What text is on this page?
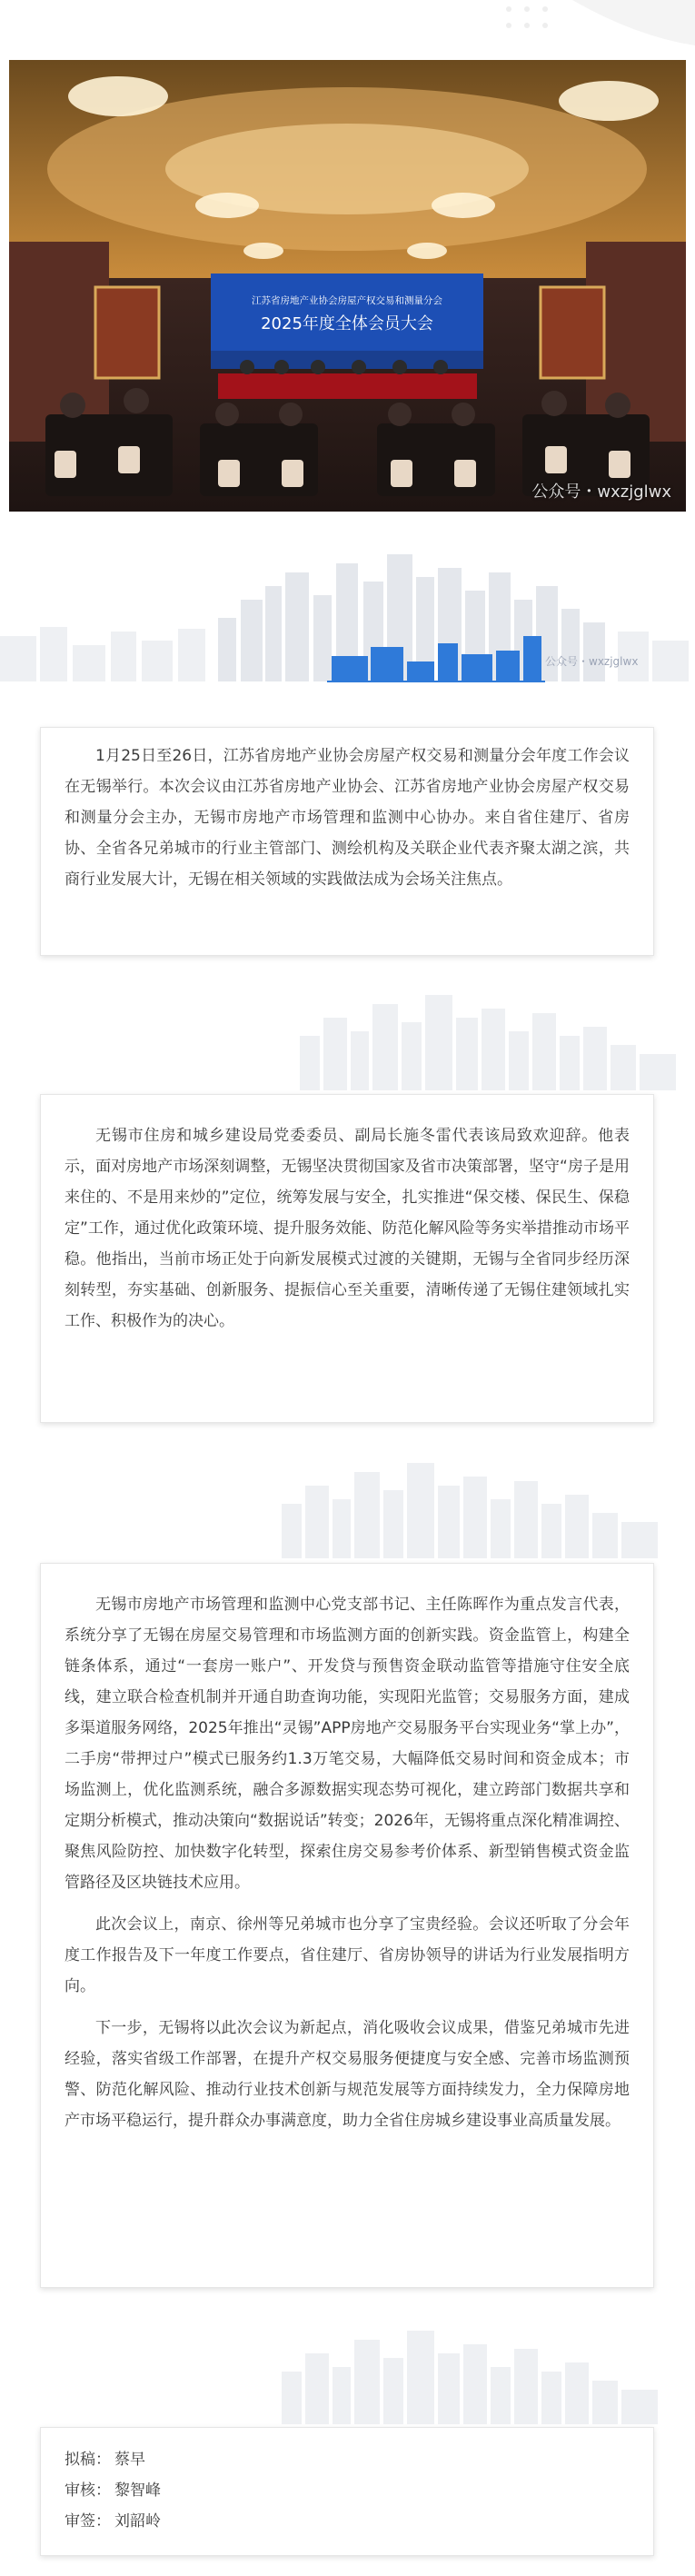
江苏省房地产业协会房屋产权交易和测量分会
2025年度全体会员大会
公众号・wxzjglwx
公众号・wxzjglwx

1月25日至26日，江苏省房地产业协会房屋产权交易和测量分会年度工作会议在无锡举行。本次会议由江苏省房地产业协会、江苏省房地产业协会房屋产权交易和测量分会主办，无锡市房地产市场管理和监测中心协办。来自省住建厅、省房协、全省各兄弟城市的行业主管部门、测绘机构及关联企业代表齐聚太湖之滨，共商行业发展大计，无锡在相关领域的实践做法成为会场关注焦点。

无锡市住房和城乡建设局党委委员、副局长施冬雷代表该局致欢迎辞。他表示，面对房地产市场深刻调整，无锡坚决贯彻国家及省市决策部署，坚守“房子是用来住的、不是用来炒的”定位，统筹发展与安全，扎实推进“保交楼、保民生、保稳定”工作，通过优化政策环境、提升服务效能、防范化解风险等务实举措推动市场平稳。他指出，当前市场正处于向新发展模式过渡的关键期，无锡与全省同步经历深刻转型，夯实基础、创新服务、提振信心至关重要，清晰传递了无锡住建领域扎实工作、积极作为的决心。

无锡市房地产市场管理和监测中心党支部书记、主任陈晖作为重点发言代表，系统分享了无锡在房屋交易管理和市场监测方面的创新实践。资金监管上，构建全链条体系，通过“一套房一账户”、开发贷与预售资金联动监管等措施守住安全底线，建立联合检查机制并开通自助查询功能，实现阳光监管；交易服务方面，建成多渠道服务网络，2025年推出“灵锡”APP房地产交易服务平台实现业务“掌上办”，二手房“带押过户”模式已服务约1.3万笔交易，大幅降低交易时间和资金成本；市场监测上，优化监测系统，融合多源数据实现态势可视化，建立跨部门数据共享和定期分析模式，推动决策向“数据说话”转变；2026年，无锡将重点深化精准调控、聚焦风险防控、加快数字化转型，探索住房交易参考价体系、新型销售模式资金监管路径及区块链技术应用。

此次会议上，南京、徐州等兄弟城市也分享了宝贵经验。会议还听取了分会年度工作报告及下一年度工作要点，省住建厅、省房协领导的讲话为行业发展指明方向。

下一步，无锡将以此次会议为新起点，消化吸收会议成果，借鉴兄弟城市先进经验，落实省级工作部署，在提升产权交易服务便捷度与安全感、完善市场监测预警、防范化解风险、推动行业技术创新与规范发展等方面持续发力，全力保障房地产市场平稳运行，提升群众办事满意度，助力全省住房城乡建设事业高质量发展。

拟稿： 蔡早
审核： 黎智峰
审签： 刘韶岭
